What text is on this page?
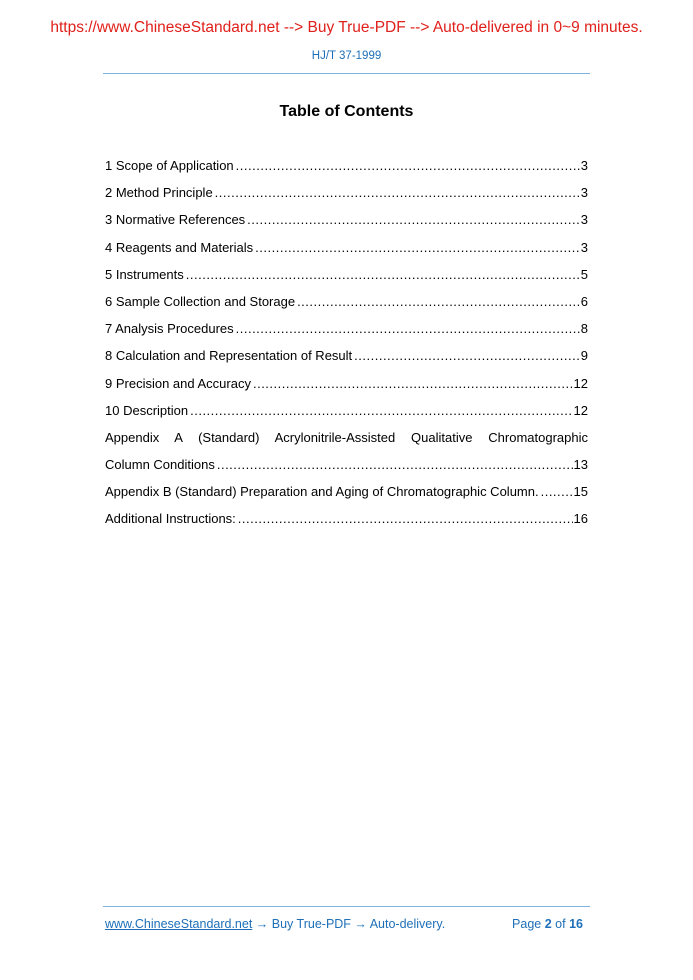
https://www.ChineseStandard.net --> Buy True-PDF --> Auto-delivered in 0~9 minutes.
HJ/T 37-1999
Table of Contents
1 Scope of Application .....	3
2 Method Principle .....	3
3 Normative References .....	3
4 Reagents and Materials .....	3
5 Instruments .....	5
6 Sample Collection and Storage .....	6
7 Analysis Procedures .....	8
8 Calculation and Representation of Result .....	9
9 Precision and Accuracy .....	12
10 Description .....	12
Appendix A (Standard) Acrylonitrile-Assisted Qualitative Chromatographic
Column Conditions .....	13
Appendix B (Standard) Preparation and Aging of Chromatographic Column. .....	15
Additional Instructions: .....	16
www.ChineseStandard.net → Buy True-PDF → Auto-delivery.	Page 2 of 16
